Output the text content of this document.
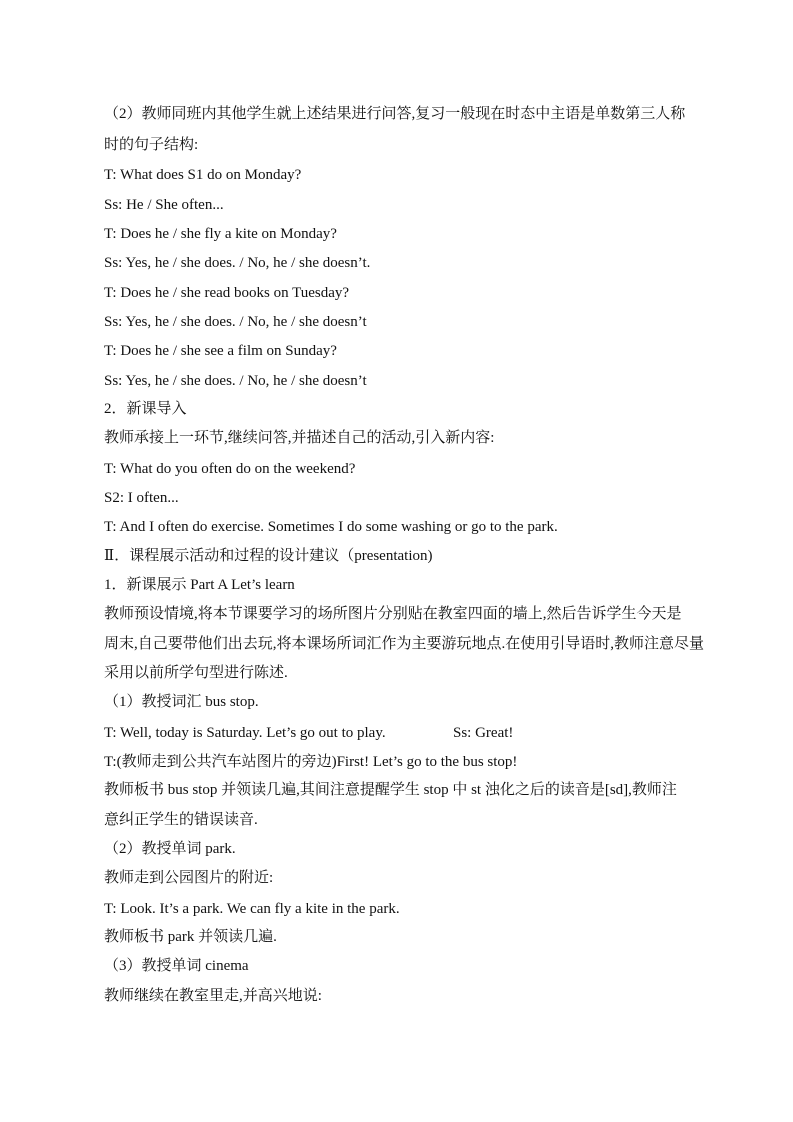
（2）教师同班内其他学生就上述结果进行问答,复习一般现在时态中主语是单数第三人称
时的句子结构:
T: What does S1 do on Monday?
Ss: He / She often...
T: Does he / she fly a kite on Monday?
Ss: Yes, he / she does. / No, he / she doesn’t.
T: Does he / she read books on Tuesday?
Ss: Yes, he / she does. / No, he / she doesn’t
T: Does he / she see a film on Sunday?
Ss: Yes, he / she does. / No, he / she doesn’t
2．新课导入
教师承接上一环节,继续问答,并描述自己的活动,引入新内容:
T: What do you often do on the weekend?
S2: I often...
T: And I often do exercise. Sometimes I do some washing or go to the park.
Ⅱ．课程展示活动和过程的设计建议（presentation)
1．新课展示 Part A Let’s learn
教师预设情境,将本节课要学习的场所图片分别贴在教室四面的墙上,然后告诉学生今天是
周末,自己要带他们出去玩,将本课场所词汇作为主要游玩地点.在使用引导语时,教师注意尽量
采用以前所学句型进行陈述.
（1）教授词汇 bus stop.
T: Well, today is Saturday. Let’s go out to play.	Ss: Great!
T:(教师走到公共汽车站图片的旁边)First! Let’s go to the bus stop!
教师板书 bus stop 并领读几遍,其间注意提醒学生 stop 中 st 浊化之后的读音是[sd],教师注
意纠正学生的错误读音.
（2）教授单词 park.
教师走到公园图片的附近:
T: Look. It’s a park. We can fly a kite in the park.
教师板书 park 并领读几遍.
（3）教授单词 cinema
教师继续在教室里走,并高兴地说:
